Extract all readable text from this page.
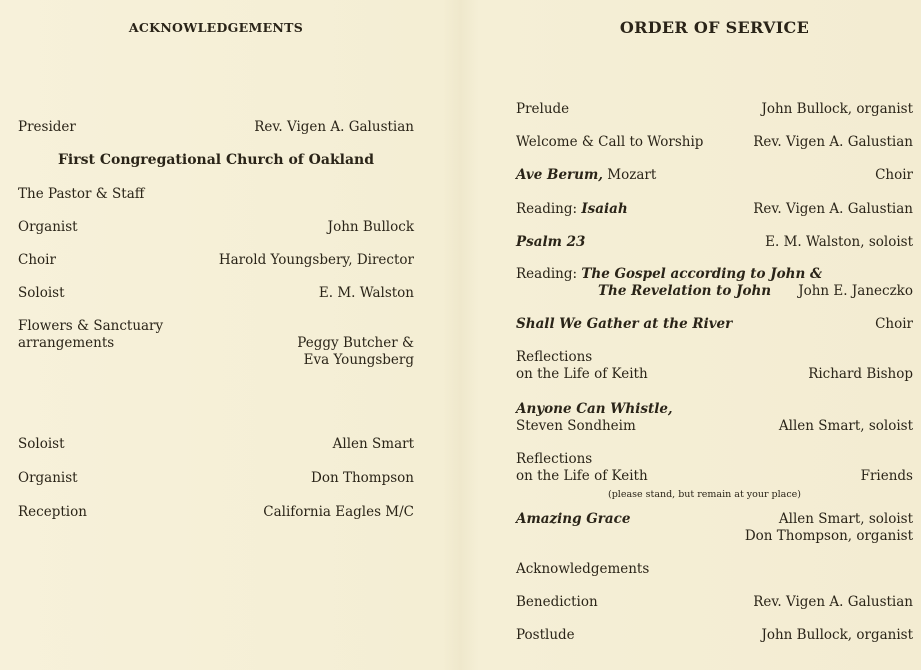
ACKNOWLEDGEMENTS
Presider	Rev. Vigen A. Galustian
First Congregational Church of Oakland
The Pastor & Staff
Organist	John Bullock
Choir	Harold Youngsbery, Director
Soloist	E. M. Walston
Flowers & Sanctuary
arrangements	Peggy Butcher &
Eva Youngsberg
Soloist	Allen Smart
Organist	Don Thompson
Reception	California Eagles M/C
ORDER OF SERVICE
Prelude	John Bullock, organist
Welcome & Call to Worship	Rev. Vigen A. Galustian
Ave Berum, Mozart	Choir
Reading: Isaiah	Rev. Vigen A. Galustian
Psalm 23	E. M. Walston, soloist
Reading: The Gospel according to John &
The Revelation to John	John E. Janeczko
Shall We Gather at the River	Choir
Reflections
on the Life of Keith	Richard Bishop
Anyone Can Whistle,
Steven Sondheim	Allen Smart, soloist
Reflections
on the Life of Keith	Friends
(please stand, but remain at your place)
Amazing Grace	Allen Smart, soloist
Don Thompson, organist
Acknowledgements
Benediction	Rev. Vigen A. Galustian
Postlude	John Bullock, organist
